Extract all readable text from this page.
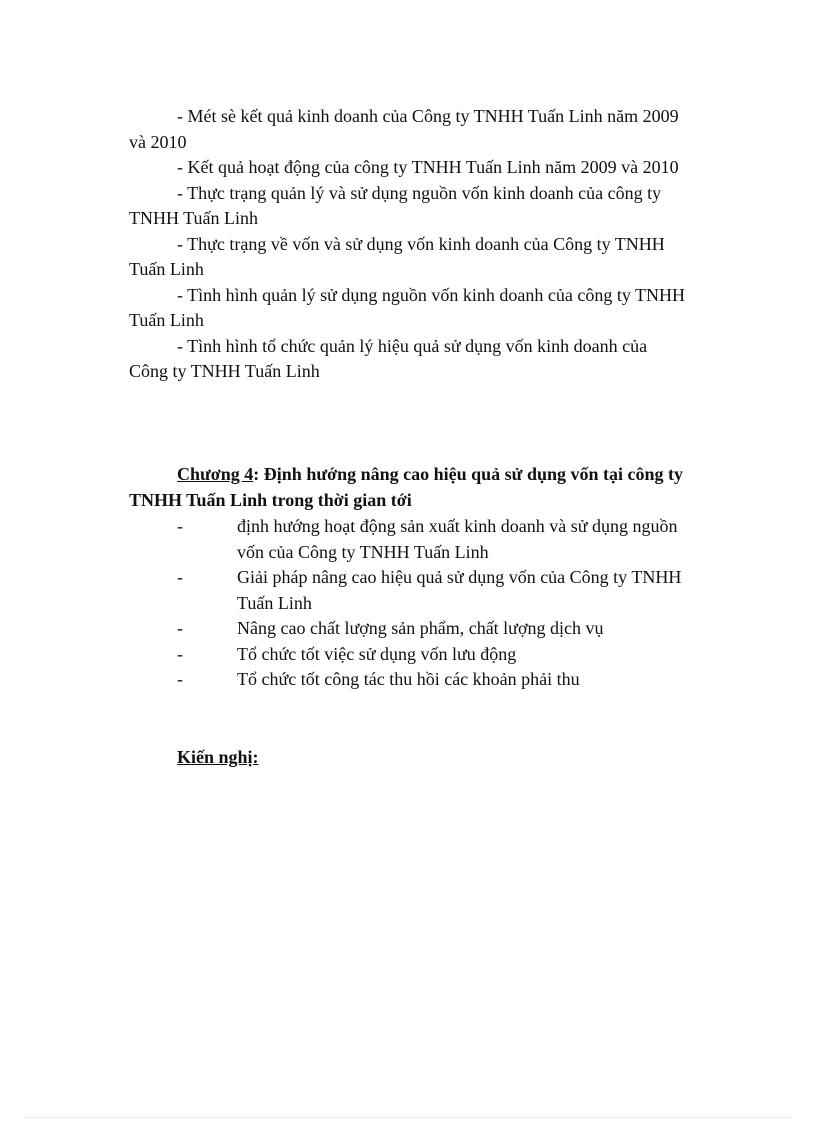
- Mét sè kết quả kinh doanh của Công ty TNHH Tuấn Linh năm 2009 và 2010
- Kết quả hoạt động của công ty TNHH Tuấn Linh năm 2009 và 2010
- Thực trạng quản lý và sử dụng nguồn vốn kinh doanh của công ty TNHH Tuấn Linh
- Thực trạng về vốn và sử dụng vốn kinh doanh của Công ty TNHH Tuấn Linh
- Tình hình quản lý sử dụng nguồn vốn kinh doanh của công ty TNHH Tuấn Linh
- Tình hình tổ chức quản lý hiệu quả sử dụng vốn kinh doanh của Công ty TNHH Tuấn Linh

Chương 4: Định hướng nâng cao hiệu quả sử dụng vốn tại công ty TNHH Tuấn Linh trong thời gian tới

-	định hướng hoạt động sản xuất kinh doanh và sử dụng nguồn vốn của Công ty TNHH Tuấn Linh
-	Giải pháp nâng cao hiệu quả sử dụng vốn của Công ty TNHH Tuấn Linh
-	Nâng cao chất lượng sản phẩm, chất lượng dịch vụ
-	Tổ chức tốt việc sử dụng vốn lưu động
-	Tổ chức tốt công tác thu hồi các khoản phải thu

Kiến nghị:
